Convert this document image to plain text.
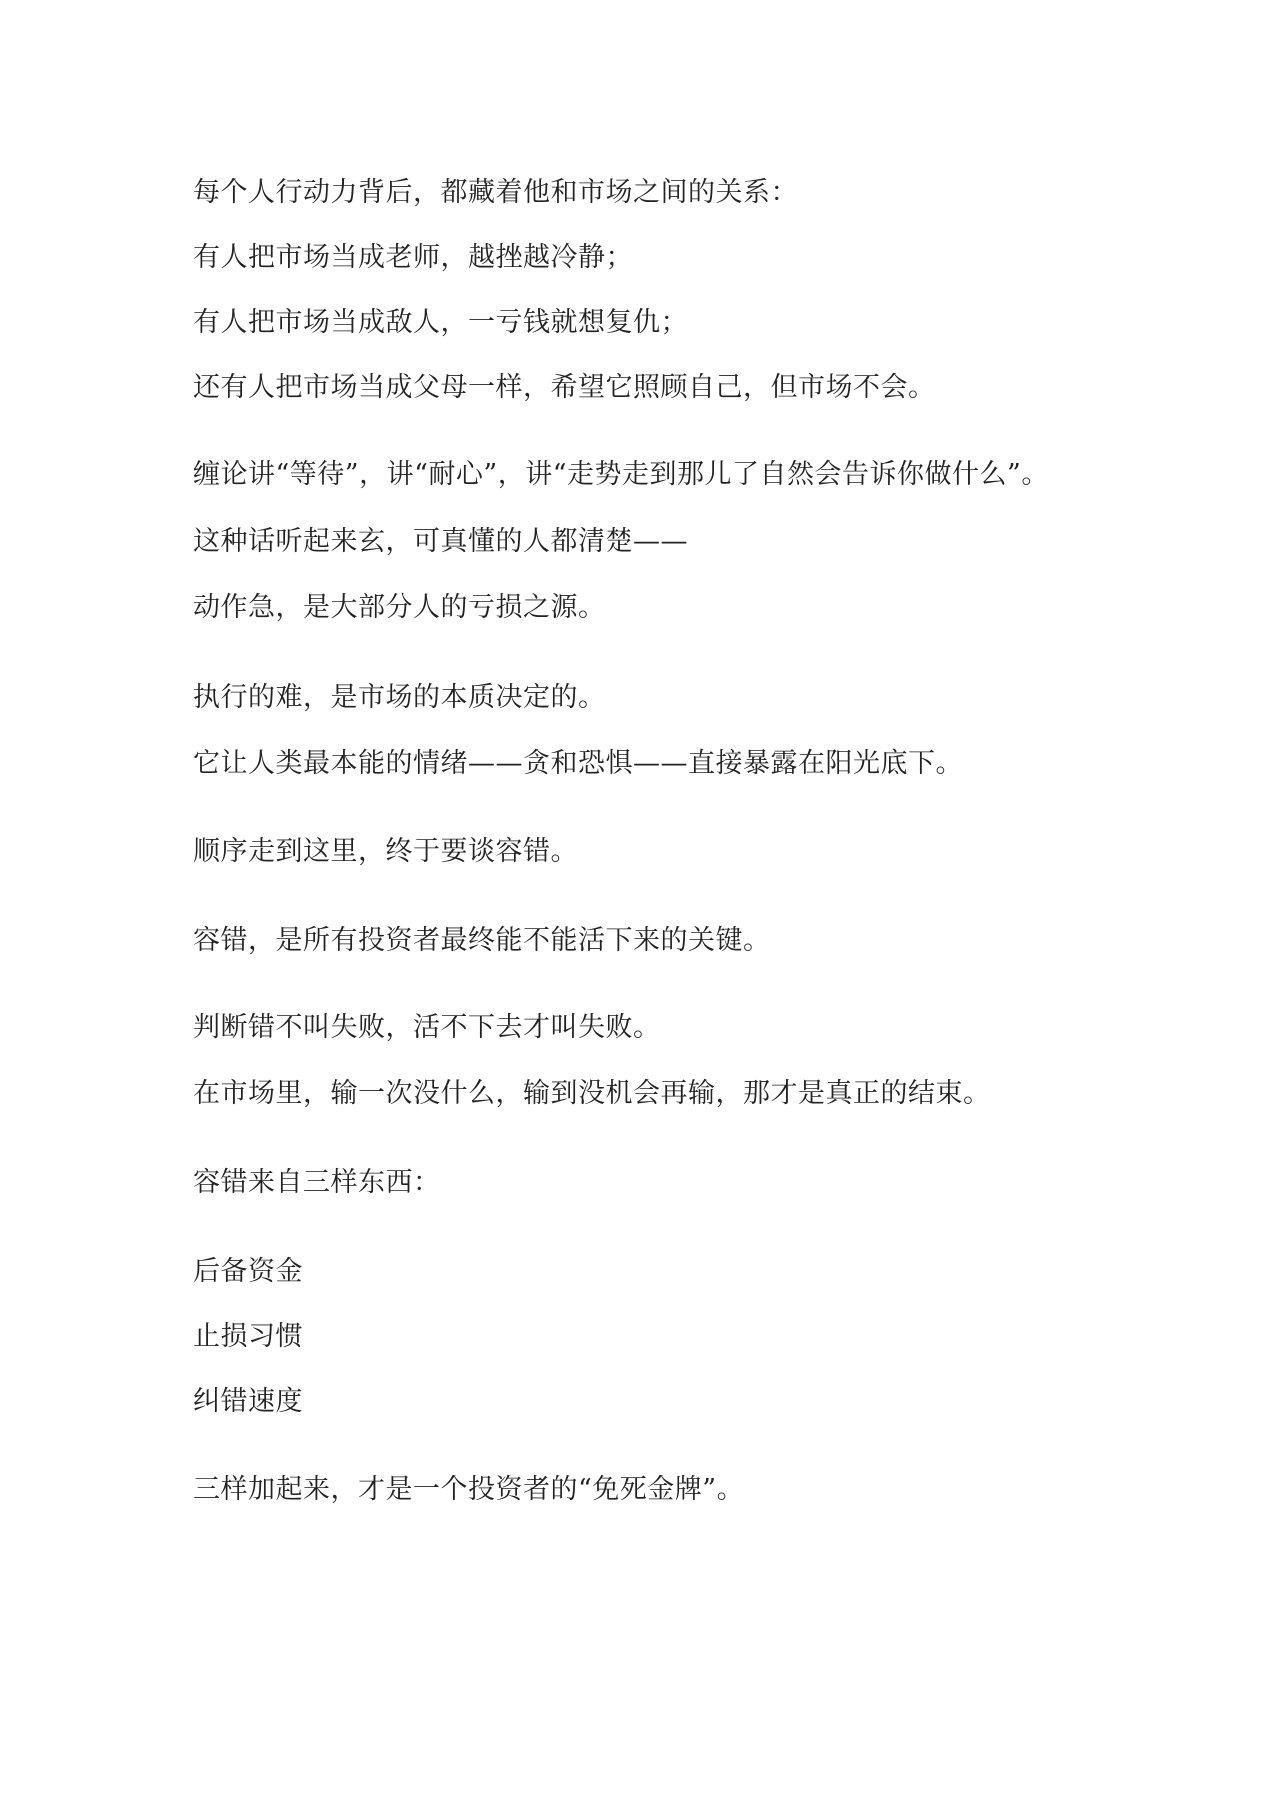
每个人行动力背后，都藏着他和市场之间的关系：
有人把市场当成老师，越挫越冷静；
有人把市场当成敌人，一亏钱就想复仇；
还有人把市场当成父母一样，希望它照顾自己，但市场不会。
缠论讲“等待”，讲“耐心”，讲“走势走到那儿了自然会告诉你做什么”。
这种话听起来玄，可真懂的人都清楚——
动作急，是大部分人的亏损之源。
执行的难，是市场的本质决定的。
它让人类最本能的情绪——贪和恐惧——直接暴露在阳光底下。
顺序走到这里，终于要谈容错。
容错，是所有投资者最终能不能活下来的关键。
判断错不叫失败，活不下去才叫失败。
在市场里，输一次没什么，输到没机会再输，那才是真正的结束。
容错来自三样东西：
后备资金
止损习惯
纠错速度
三样加起来，才是一个投资者的“免死金牌”。
